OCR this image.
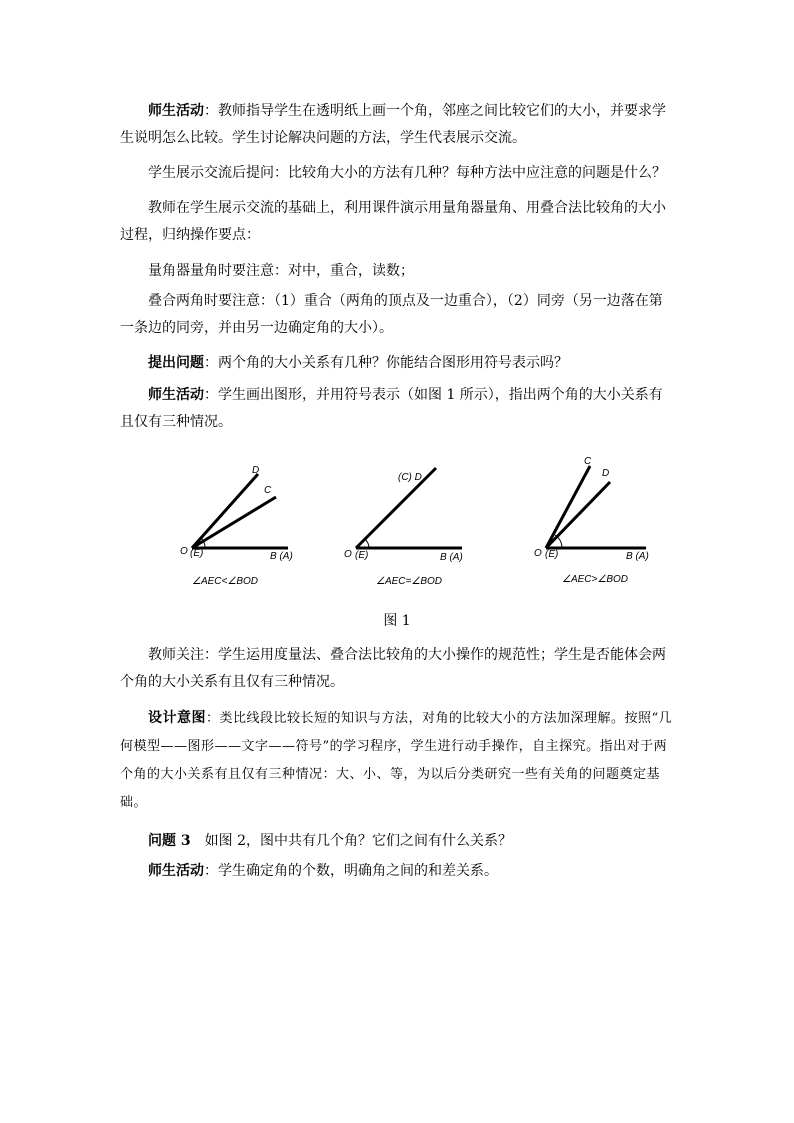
师生活动：教师指导学生在透明纸上画一个角，邻座之间比较它们的大小，并要求学生说明怎么比较。学生讨论解决问题的方法，学生代表展示交流。

学生展示交流后提问：比较角大小的方法有几种？每种方法中应注意的问题是什么？

教师在学生展示交流的基础上，利用课件演示用量角器量角、用叠合法比较角的大小过程，归纳操作要点：

量角器量角时要注意：对中，重合，读数；

叠合两角时要注意：（1）重合（两角的顶点及一边重合），（2）同旁（另一边落在第一条边的同旁，并由另一边确定角的大小）。

提出问题：两个角的大小关系有几种？你能结合图形用符号表示吗？

师生活动：学生画出图形，并用符号表示（如图 1 所示），指出两个角的大小关系有且仅有三种情况。

D
C
O (E)	B (A)
∠AEC<∠BOD
(C) D
O (E)	B (A)
∠AEC=∠BOD
C
D
O (E)	B (A)
∠AEC>∠BOD
图 1

教师关注：学生运用度量法、叠合法比较角的大小操作的规范性；学生是否能体会两个角的大小关系有且仅有三种情况。

设计意图：类比线段比较长短的知识与方法，对角的比较大小的方法加深理解。按照“几何模型——图形——文字——符号”的学习程序，学生进行动手操作，自主探究。指出对于两个角的大小关系有且仅有三种情况：大、小、等，为以后分类研究一些有关角的问题奠定基础。

问题 3　如图 2，图中共有几个角？它们之间有什么关系？

师生活动：学生确定角的个数，明确角之间的和差关系。
